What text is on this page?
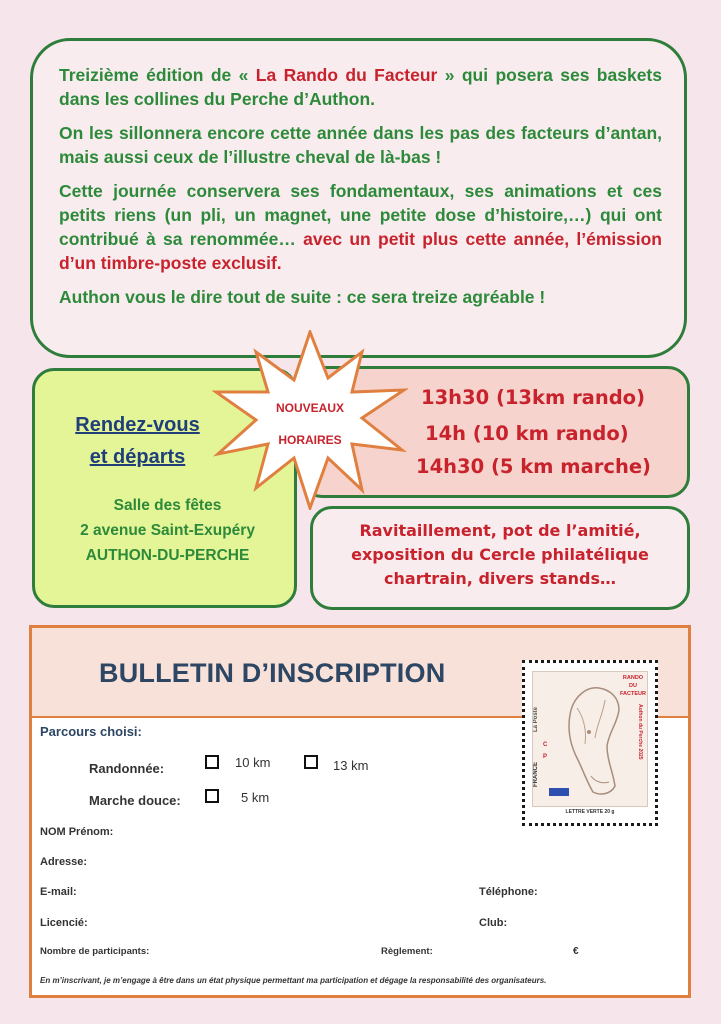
Treizième édition de « La Rando du Facteur » qui posera ses baskets dans les collines du Perche d’Authon.

On les sillonnera encore cette année dans les pas des facteurs d’antan, mais aussi ceux de l’illustre cheval de là-bas !

Cette journée conservera ses fondamentaux, ses animations et ces petits riens (un pli, un magnet, une petite dose d’histoire,…) qui ont contribué à sa renommée… avec un petit plus cette année, l’émission d’un timbre-poste exclusif.

Authon vous le dire tout de suite : ce sera treize agréable !

Rendez-vous
et départs
Salle des fêtes
2 avenue Saint-Exupéry
AUTHON-DU-PERCHE
13h30 (13km rando)
14h (10 km rando)
14h30 (5 km marche)
Ravitaillement, pot de l’amitié,
exposition du Cercle philatélique
chartrain, divers stands…
NOUVEAUX
HORAIRES
BULLETIN D’INSCRIPTION
Parcours choisi:
Randonnée:	10 km	13 km
Marche douce:	5 km
NOM Prénom:
Adresse:
E-mail:	Téléphone:
Licencié:	Club:
Nombre de participants:	Règlement:	€
En m’inscrivant, je m’engage à être dans un état physique permettant ma participation et dégage la responsabilité des organisateurs.
La Poste
FRANCE
C
P
RANDO
DU
FACTEUR
Authon du Perche 2025
LETTRE VERTE 20 g
